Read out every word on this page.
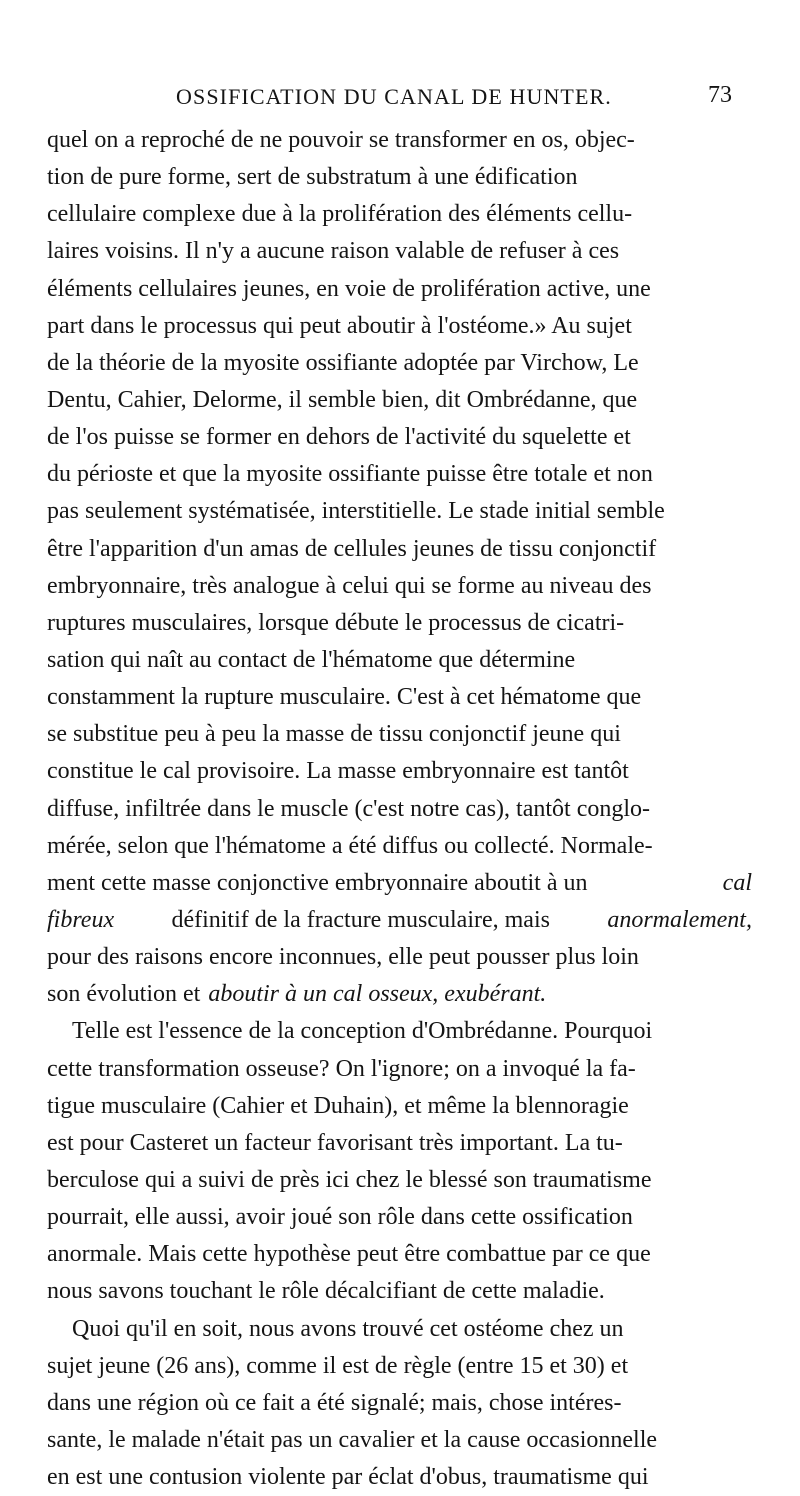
OSSIFICATION DU CANAL DE HUNTER.	73
quel on a reproché de ne pouvoir se transformer en os, objec-
tion de pure forme, sert de substratum à une édification
cellulaire complexe due à la prolifération des éléments cellu-
laires voisins. Il n'y a aucune raison valable de refuser à ces
éléments cellulaires jeunes, en voie de prolifération active, une
part dans le processus qui peut aboutir à l'ostéome.» Au sujet
de la théorie de la myosite ossifiante adoptée par Virchow, Le
Dentu, Cahier, Delorme, il semble bien, dit Ombrédanne, que
de l'os puisse se former en dehors de l'activité du squelette et
du périoste et que la myosite ossifiante puisse être totale et non
pas seulement systématisée, interstitielle. Le stade initial semble
être l'apparition d'un amas de cellules jeunes de tissu conjonctif
embryonnaire, très analogue à celui qui se forme au niveau des
ruptures musculaires, lorsque débute le processus de cicatri-
sation qui naît au contact de l'hématome que détermine
constamment la rupture musculaire. C'est à cet hématome que
se substitue peu à peu la masse de tissu conjonctif jeune qui
constitue le cal provisoire. La masse embryonnaire est tantôt
diffuse, infiltrée dans le muscle (c'est notre cas), tantôt conglo-
mérée, selon que l'hématome a été diffus ou collecté. Normale-
ment cette masse conjonctive embryonnaire aboutit à un	cal
fibreux définitif de la fracture musculaire, mais anormalement,
pour des raisons encore inconnues, elle peut pousser plus loin
son évolution et aboutir à un cal osseux, exubérant.
Telle est l'essence de la conception d'Ombrédanne. Pourquoi
cette transformation osseuse? On l'ignore; on a invoqué la fa-
tigue musculaire (Cahier et Duhain), et même la blennoragie
est pour Casteret un facteur favorisant très important. La tu-
berculose qui a suivi de près ici chez le blessé son traumatisme
pourrait, elle aussi, avoir joué son rôle dans cette ossification
anormale. Mais cette hypothèse peut être combattue par ce que
nous savons touchant le rôle décalcifiant de cette maladie.
Quoi qu'il en soit, nous avons trouvé cet ostéome chez un
sujet jeune (26 ans), comme il est de règle (entre 15 et 30) et
dans une région où ce fait a été signalé; mais, chose intéres-
sante, le malade n'était pas un cavalier et la cause occasionnelle
en est une contusion violente par éclat d'obus, traumatisme qui
